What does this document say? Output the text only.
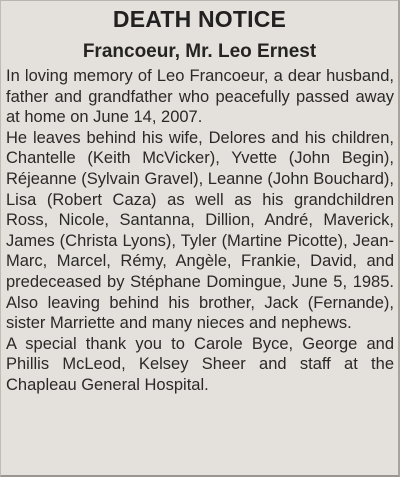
DEATH NOTICE
Francoeur, Mr. Leo Ernest

In loving memory of Leo Francoeur, a dear husband, father and grandfather who peacefully passed away at home on June 14, 2007.

He leaves behind his wife, Delores and his children, Chantelle (Keith McVicker), Yvette (John Begin), Réjeanne (Sylvain Gravel), Leanne (John Bouchard), Lisa (Robert Caza) as well as his grandchildren Ross, Nicole, Santanna, Dillion, André, Maverick, James (Christa Lyons), Tyler (Martine Picotte), Jean-Marc, Marcel, Rémy, Angèle, Frankie, David, and predeceased by Stéphane Domingue, June 5, 1985. Also leaving behind his brother, Jack (Fernande), sister Marriette and many nieces and nephews.

A special thank you to Carole Byce, George and Phillis McLeod, Kelsey Sheer and staff at the Chapleau General Hospital.
